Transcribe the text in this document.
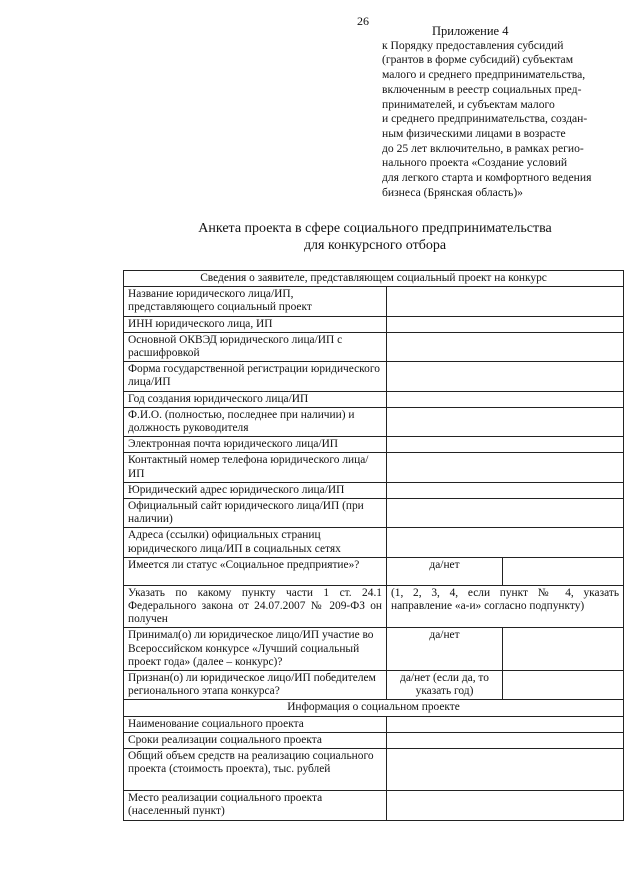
26
Приложение 4
к Порядку предоставления субсидий
(грантов в форме субсидий) субъектам
малого и среднего предпринимательства,
включенным в реестр социальных пред-
принимателей, и субъектам малого
и среднего предпринимательства, создан-
ным физическими лицами в возрасте
до 25 лет включительно, в рамках регио-
нального проекта «Создание условий
для легкого старта и комфортного ведения
бизнеса (Брянская область)»
Анкета проекта в сфере социального предпринимательства
для конкурсного отбора
Сведения о заявителе, представляющем социальный проект на конкурс		
Название юридического лица/ИП, представляющего социальный проект		
ИНН юридического лица, ИП		
Основной ОКВЭД юридического лица/ИП с расшифровкой		
Форма государственной регистрации юридического лица/ИП		
Год создания юридического лица/ИП		
Ф.И.О. (полностью, последнее при наличии) и должность руководителя		
Электронная почта юридического лица/ИП		
Контактный номер телефона юридического лица/ИП		
Юридический адрес юридического лица/ИП		
Официальный сайт юридического лица/ИП (при наличии)		
Адреса (ссылки) официальных страниц юридического лица/ИП в социальных сетях		
Имеется ли статус «Социальное предприятие»?	да/нет	
Указать по какому пункту части 1 ст. 24.1 Федерального закона от 24.07.2007 № 209-ФЗ он получен	(1, 2, 3, 4, если пункт № 4, указать направление «а-и» согласно подпункту)	
Принимал(о) ли юридическое лицо/ИП участие во Всероссийском конкурсе «Лучший социальный проект года» (далее – конкурс)?	да/нет	
Признан(о) ли юридическое лицо/ИП победителем регионального этапа конкурса?	да/нет (если да, то указать год)	
Информация о социальном проекте		
Наименование социального проекта		
Сроки реализации социального проекта		
Общий объем средств на реализацию социального проекта (стоимость проекта), тыс. рублей		
Место реализации социального проекта (населенный пункт)		
